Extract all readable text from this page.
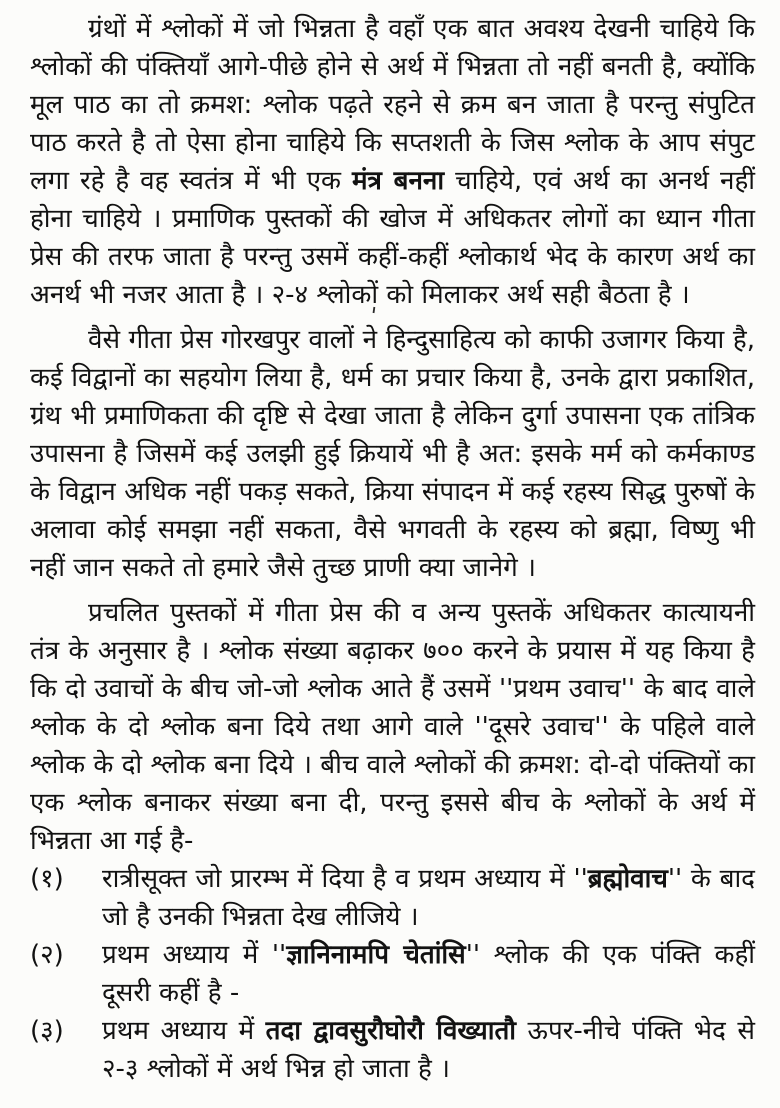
ग्रंथों में श्लोकों में जो भिन्नता है वहाँ एक बात अवश्य देखनी चाहिये कि श्लोकों की पंक्तियाँ आगे-पीछे होने से अर्थ में भिन्नता तो नहीं बनती है, क्योंकि मूल पाठ का तो क्रमश: श्लोक पढ़ते रहने से क्रम बन जाता है परन्तु संपुटित पाठ करते है तो ऐसा होना चाहिये कि सप्तशती के जिस श्लोक के आप संपुट लगा रहे है वह स्वतंत्र में भी एक मंत्र बनना चाहिये, एवं अर्थ का अनर्थ नहीं होना चाहिये । प्रमाणिक पुस्तकों की खोज में अधिकतर लोगों का ध्यान गीता प्रेस की तरफ जाता है परन्तु उसमें कहीं-कहीं श्लोकार्थ भेद के कारण अर्थ का अनर्थ भी नजर आता है । २-४ श्लोकों को मिलाकर अर्थ सही बैठता है ।

वैसे गीता प्रेस गोरखपुर वालों ने हिन्दुसाहित्य को काफी उजागर किया है, कई विद्वानों का सहयोग लिया है, धर्म का प्रचार किया है, उनके द्वारा प्रकाशित, ग्रंथ भी प्रमाणिकता की दृष्टि से देखा जाता है लेकिन दुर्गा उपासना एक तांत्रिक उपासना है जिसमें कई उलझी हुई क्रियायें भी है अत: इसके मर्म को कर्मकाण्ड के विद्वान अधिक नहीं पकड़ सकते, क्रिया संपादन में कई रहस्य सिद्ध पुरुषों के अलावा कोई समझा नहीं सकता, वैसे भगवती के रहस्य को ब्रह्मा, विष्णु भी नहीं जान सकते तो हमारे जैसे तुच्छ प्राणी क्या जानेगे ।

प्रचलित पुस्तकों में गीता प्रेस की व अन्य पुस्तकें अधिकतर कात्यायनी तंत्र के अनुसार है । श्लोक संख्या बढ़ाकर ७०० करने के प्रयास में यह किया है कि दो उवाचों के बीच जो-जो श्लोक आते हैं उसमें ''प्रथम उवाच'' के बाद वाले श्लोक के दो श्लोक बना दिये तथा आगे वाले ''दूसरे उवाच'' के पहिले वाले श्लोक के दो श्लोक बना दिये । बीच वाले श्लोकों की क्रमश: दो-दो पंक्तियों का एक श्लोक बनाकर संख्या बना दी, परन्तु इससे बीच के श्लोकों के अर्थ में भिन्नता आ गई है-

(१)	रात्रीसूक्त जो प्रारम्भ में दिया है व प्रथम अध्याय में ''ब्रह्मोवाच'' के बाद जो है उनकी भिन्नता देख लीजिये ।
(२)	प्रथम अध्याय में ''ज्ञानिनामपि चेतांसि'' श्लोक की एक पंक्ति कहीं दूसरी कहीं है -
(३)	प्रथम अध्याय में तदा द्वावसुरौघोरौ विख्यातौ ऊपर-नीचे पंक्ति भेद से २-३ श्लोकों में अर्थ भिन्न हो जाता है ।
'
